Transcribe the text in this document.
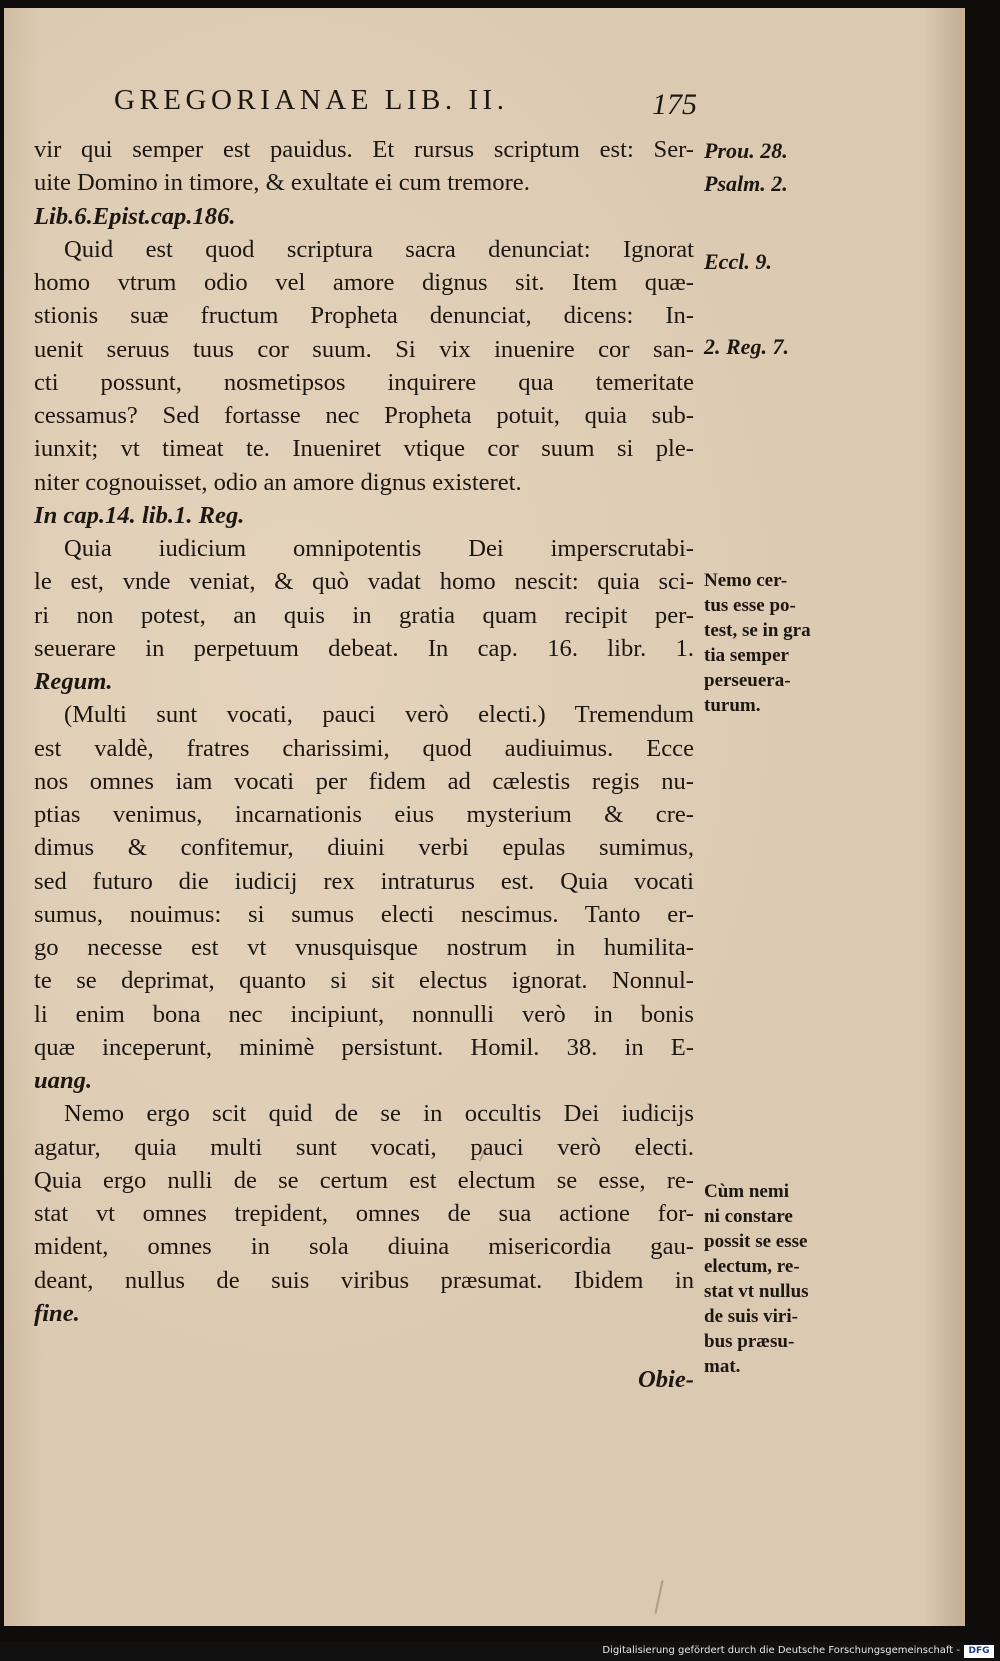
GREGORIANAE LIB. II.	175
vir qui semper est pauidus. Et rursus scriptum est: Ser-
uite Domino in timore, & exultate ei cum tremore.
Lib.6.Epist.cap.186.
Quid est quod scriptura sacra denunciat: Ignorat
homo vtrum odio vel amore dignus sit. Item quæ-
stionis suæ fructum Propheta denunciat, dicens: In-
uenit seruus tuus cor suum. Si vix inuenire cor san-
cti possunt, nosmetipsos inquirere qua temeritate
cessamus? Sed fortasse nec Propheta potuit, quia sub-
iunxit; vt timeat te. Inueniret vtique cor suum si ple-
niter cognouisset, odio an amore dignus existeret.
In cap.14. lib.1. Reg.
Quia iudicium omnipotentis Dei imperscrutabi-
le est, vnde veniat, & quò vadat homo nescit: quia sci-
ri non potest, an quis in gratia quam recipit per-
seuerare in perpetuum debeat. In cap. 16. libr. 1.
Regum.
(Multi sunt vocati, pauci verò electi.) Tremendum
est valdè, fratres charissimi, quod audiuimus. Ecce
nos omnes iam vocati per fidem ad cælestis regis nu-
ptias venimus, incarnationis eius mysterium & cre-
dimus & confitemur, diuini verbi epulas sumimus,
sed futuro die iudicij rex intraturus est. Quia vocati
sumus, nouimus: si sumus electi nescimus. Tanto er-
go necesse est vt vnusquisque nostrum in humilita-
te se deprimat, quanto si sit electus ignorat. Nonnul-
li enim bona nec incipiunt, nonnulli verò in bonis
quæ inceperunt, minimè persistunt. Homil. 38. in E-
uang.
Nemo ergo scit quid de se in occultis Dei iudicijs
agatur, quia multi sunt vocati, pauci verò electi.
Quia ergo nulli de se certum est electum se esse, re-
stat vt omnes trepident, omnes de sua actione for-
mident, omnes in sola diuina misericordia gau-
deant, nullus de suis viribus præsumat. Ibidem in
fine.
Obie-
Prou. 28.
Psalm. 2.
Eccl. 9.
2. Reg. 7.
Nemo cer-
tus esse po-
test, se in gra
tia semper
perseuera-
turum.
Cùm nemi
ni constare
possit se esse
electum, re-
stat vt nullus
de suis viri-
bus præsu-
mat.
Digitalisierung gefördert durch die Deutsche Forschungsgemeinschaft - DFG
